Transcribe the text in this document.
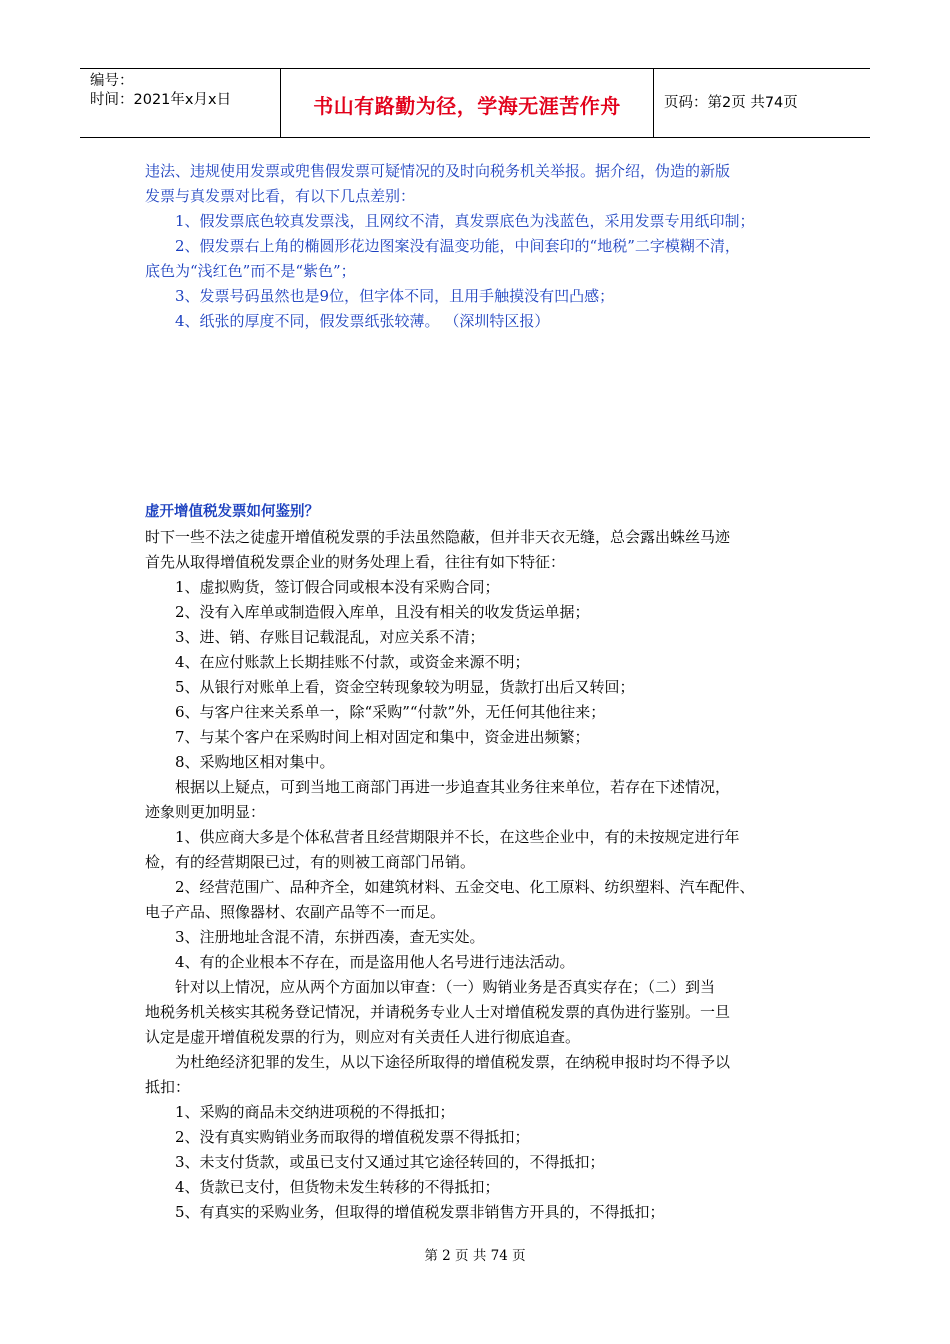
编号：
时间：2021年x月x日	书山有路勤为径，学海无涯苦作舟	页码：第2页 共74页
违法、违规使用发票或兜售假发票可疑情况的及时向税务机关举报。据介绍，伪造的新版
发票与真发票对比看，有以下几点差别：
1、假发票底色较真发票浅，且网纹不清，真发票底色为浅蓝色，采用发票专用纸印制；
2、假发票右上角的椭圆形花边图案没有温变功能，中间套印的“地税”二字模糊不清，
底色为“浅红色”而不是“紫色”；
3、发票号码虽然也是9位，但字体不同，且用手触摸没有凹凸感；
4、纸张的厚度不同，假发票纸张较薄。 （深圳特区报）
虚开增值税发票如何鉴别？
时下一些不法之徒虚开增值税发票的手法虽然隐蔽，但并非天衣无缝，总会露出蛛丝马迹
首先从取得增值税发票企业的财务处理上看，往往有如下特征：
1、虚拟购货，签订假合同或根本没有采购合同；
2、没有入库单或制造假入库单，且没有相关的收发货运单据；
3、进、销、存账目记载混乱，对应关系不清；
4、在应付账款上长期挂账不付款，或资金来源不明；
5、从银行对账单上看，资金空转现象较为明显，货款打出后又转回；
6、与客户往来关系单一，除“采购”“付款”外，无任何其他往来；
7、与某个客户在采购时间上相对固定和集中，资金进出频繁；
8、采购地区相对集中。
根据以上疑点，可到当地工商部门再进一步追查其业务往来单位，若存在下述情况，
迹象则更加明显：
1、供应商大多是个体私营者且经营期限并不长，在这些企业中，有的未按规定进行年
检，有的经营期限已过，有的则被工商部门吊销。
2、经营范围广、品种齐全，如建筑材料、五金交电、化工原料、纺织塑料、汽车配件、
电子产品、照像器材、农副产品等不一而足。
3、注册地址含混不清，东拼西凑，查无实处。
4、有的企业根本不存在，而是盗用他人名号进行违法活动。
针对以上情况，应从两个方面加以审查：（一）购销业务是否真实存在；（二）到当
地税务机关核实其税务登记情况，并请税务专业人士对增值税发票的真伪进行鉴别。一旦
认定是虚开增值税发票的行为，则应对有关责任人进行彻底追查。
为杜绝经济犯罪的发生，从以下途径所取得的增值税发票，在纳税申报时均不得予以
抵扣：
1、采购的商品未交纳进项税的不得抵扣；
2、没有真实购销业务而取得的增值税发票不得抵扣；
3、未支付货款，或虽已支付又通过其它途径转回的，不得抵扣；
4、货款已支付，但货物未发生转移的不得抵扣；
5、有真实的采购业务，但取得的增值税发票非销售方开具的，不得抵扣；
第 2 页 共 74 页
